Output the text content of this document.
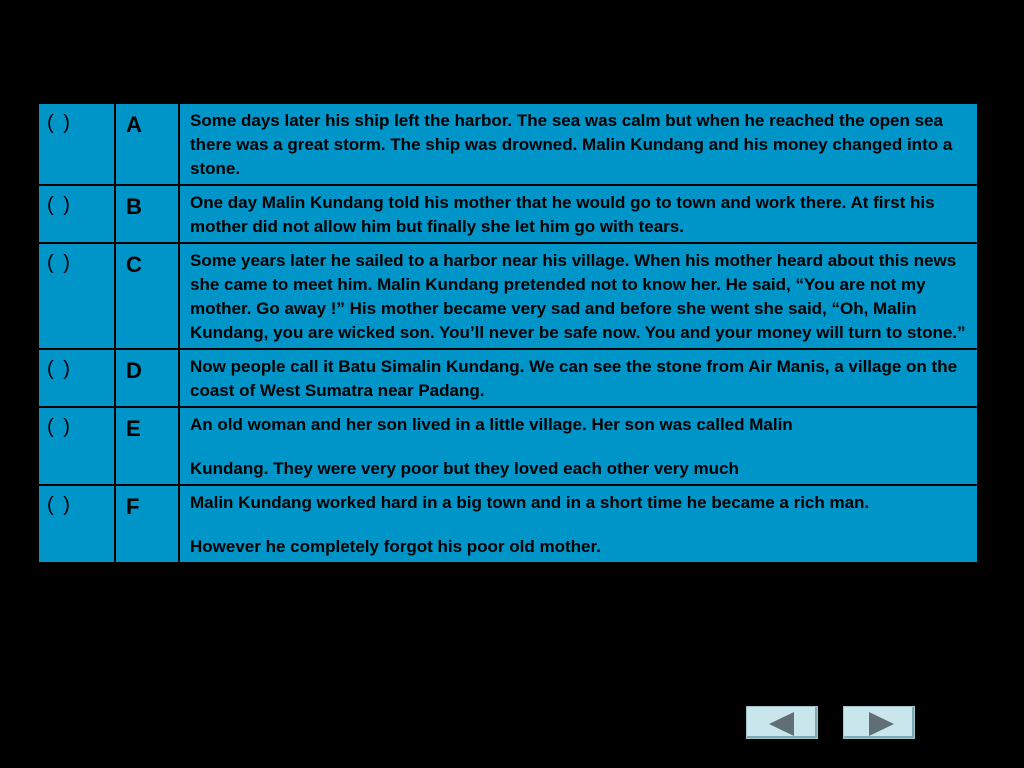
( )	A	Some days later his ship left the harbor. The sea was calm but when he reached the open sea there was a great storm. The ship was drowned. Malin Kundang and his money changed into a stone.
( )	B	One day Malin Kundang told his mother that he would go to town and work there. At first his mother did not allow him but finally she let him go with tears.
( )	C	Some years later he sailed to a harbor near his village. When his mother heard about this news she came to meet him. Malin Kundang pretended not to know her. He said, “You are not my mother. Go away !” His mother became very sad and before she went she said, “Oh, Malin Kundang, you are wicked son. You’ll never be safe now. You and your money will turn to stone.”
( )	D	Now people call it Batu Simalin Kundang. We can see the stone from Air Manis, a village on the coast of West Sumatra near Padang.
( )	E	An old woman and her son lived in a little village. Her son was called Malin
Kundang. They were very poor but they loved each other very much

( )	F	Malin Kundang worked hard in a big town and in a short time he became a rich man.
However he completely forgot his poor old mother.
